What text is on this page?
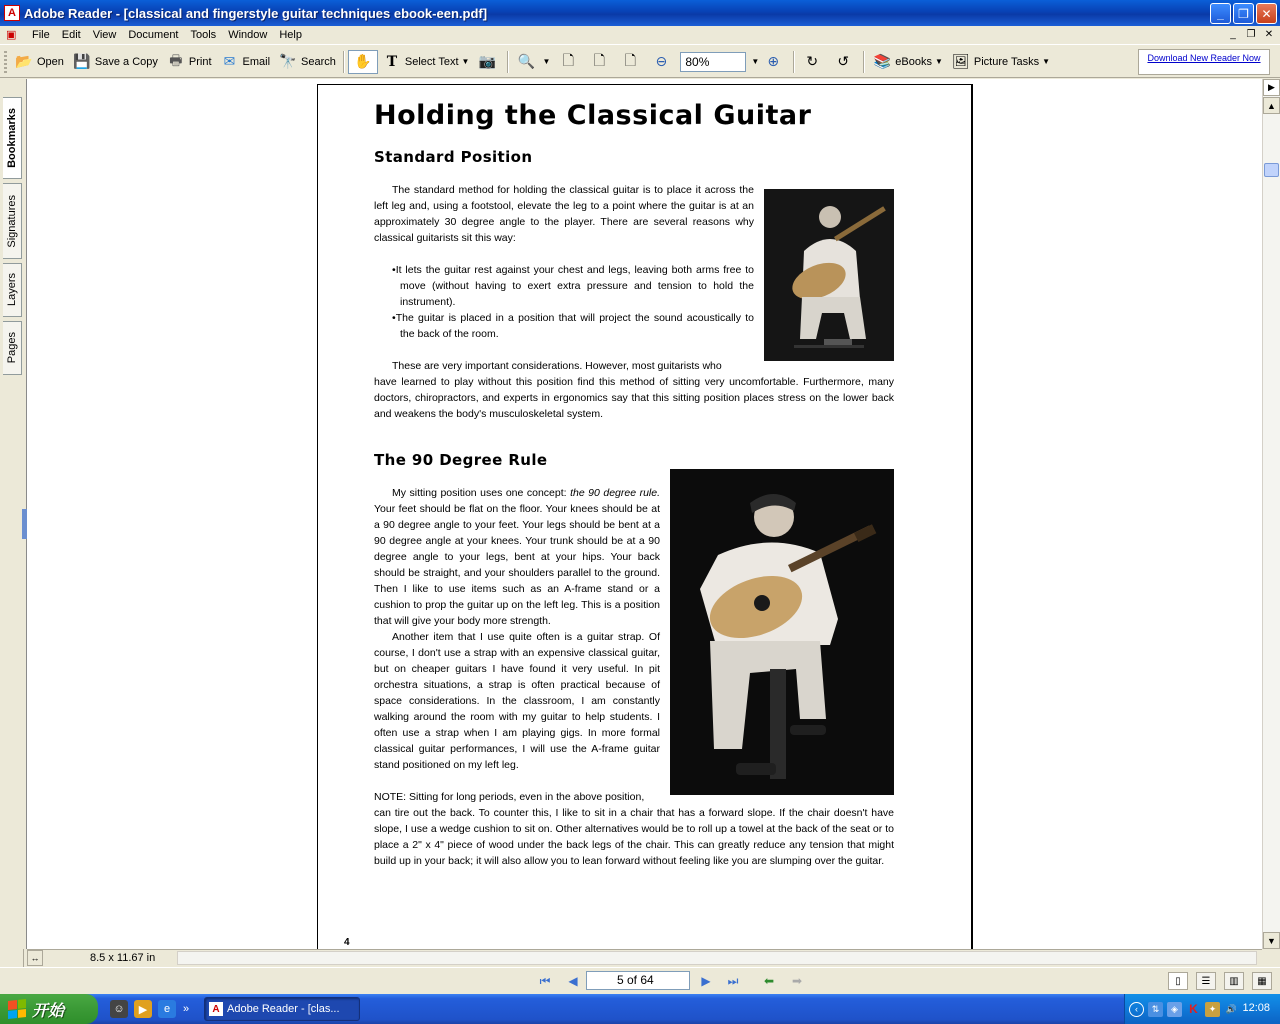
A Adobe Reader - [classical and fingerstyle guitar techniques ebook-een.pdf]	_	❐	✕
▣	File	Edit	View	Document	Tools	Window	Help	_	❐ ✕
📂 Open 💾 Save a Copy 🖶 Print ✉ Email 🔭 Search ✋	T Select Text ▼ 📷 🔍 ▼ 🗋	🗋	🗋	⊖	80%	▼ ⊕ ↻ ↺ 📚 eBooks ▼ 🖼 Picture Tasks ▼	Download New Reader Now
Bookmarks
Signatures
Layers
Pages
Holding the Classical Guitar
Standard Position

The standard method for holding the classical guitar is to place it across the left leg and, using a footstool, elevate the leg to a point where the guitar is at an approximately 30 degree angle to the player. There are several reasons why classical guitarists sit this way:

• It lets the guitar rest against your chest and legs, leaving both arms free to move (without having to exert extra pressure and tension to hold the instrument).
• The guitar is placed in a position that will project the sound acoustically to the back of the room.

These are very important considerations. However, most guitarists who

have learned to play without this position find this method of sitting very uncomfortable. Furthermore, many doctors, chiropractors, and experts in ergonomics say that this sitting position places stress on the lower back and weakens the body's musculoskeletal system.

The 90 Degree Rule

My sitting position uses one concept: the 90 degree rule. Your feet should be flat on the floor. Your knees should be at a 90 degree angle to your feet. Your legs should be bent at a 90 degree angle at your knees. Your trunk should be at a 90 degree angle to your legs, bent at your hips. Your back should be straight, and your shoulders parallel to the ground. Then I like to use items such as an A-frame stand or a cushion to prop the guitar up on the left leg. This is a position that will give your body more strength.

Another item that I use quite often is a guitar strap. Of course, I don't use a strap with an expensive classical guitar, but on cheaper guitars I have found it very useful. In pit orchestra situations, a strap is often practical because of space considerations. In the classroom, I am constantly walking around the room with my guitar to help students. I often use a strap when I am playing gigs. In more formal classical guitar performances, I will use the A-frame guitar stand positioned on my left leg.

NOTE: Sitting for long periods, even in the above position,

can tire out the back. To counter this, I like to sit in a chair that has a forward slope. If the chair doesn't have slope, I use a wedge cushion to sit on. Other alternatives would be to roll up a towel at the back of the seat or to place a 2" x 4" piece of wood under the back legs of the chair. This can greatly reduce any tension that might build up in your back; it will also allow you to lean forward without feeling like you are slumping over the guitar.

4
▶
▲
▼
↔	8.5 x 11.67 in
⏮	◀	5 of 64	▶	⏭	⬅	➡	▯	☰	▥	▦
开始	☺	▶	e	»	A Adobe Reader - [clas...	‹	⇅	◈ K	✦	🔊 12:08
